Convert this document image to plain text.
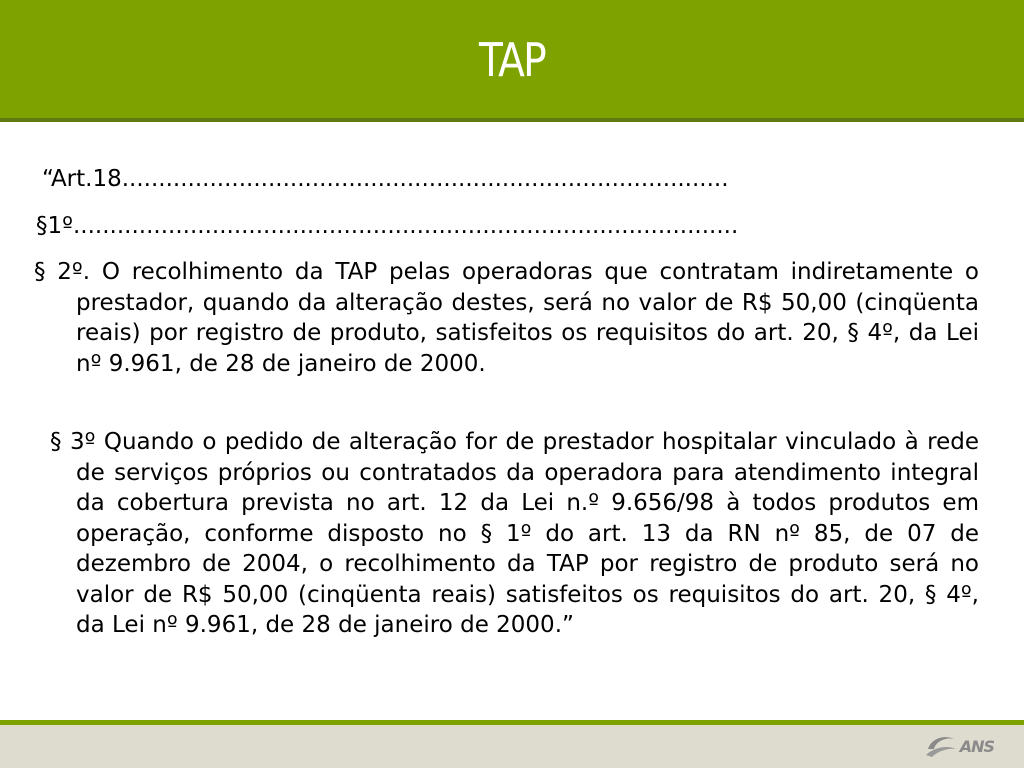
TAP
“Art.18...................................................................................
§1º...........................................................................................

§ 2º. O recolhimento da TAP pelas operadoras que contratam indiretamente o prestador, quando da alteração destes, será no valor de R$ 50,00 (cinqüenta reais) por registro de produto, satisfeitos os requisitos do art. 20, § 4º, da Lei nº 9.961, de 28 de janeiro de 2000.

§ 3º Quando o pedido de alteração for de prestador hospitalar vinculado à rede de serviços próprios ou contratados da operadora para atendimento integral da cobertura prevista no art. 12 da Lei n.º 9.656/98 à todos produtos em operação, conforme disposto no § 1º do art. 13 da RN nº 85, de 07 de dezembro de 2004, o recolhimento da TAP por registro de produto será no valor de R$ 50,00 (cinqüenta reais) satisfeitos os requisitos do art. 20, § 4º, da Lei nº 9.961, de 28 de janeiro de 2000.”

ANS
